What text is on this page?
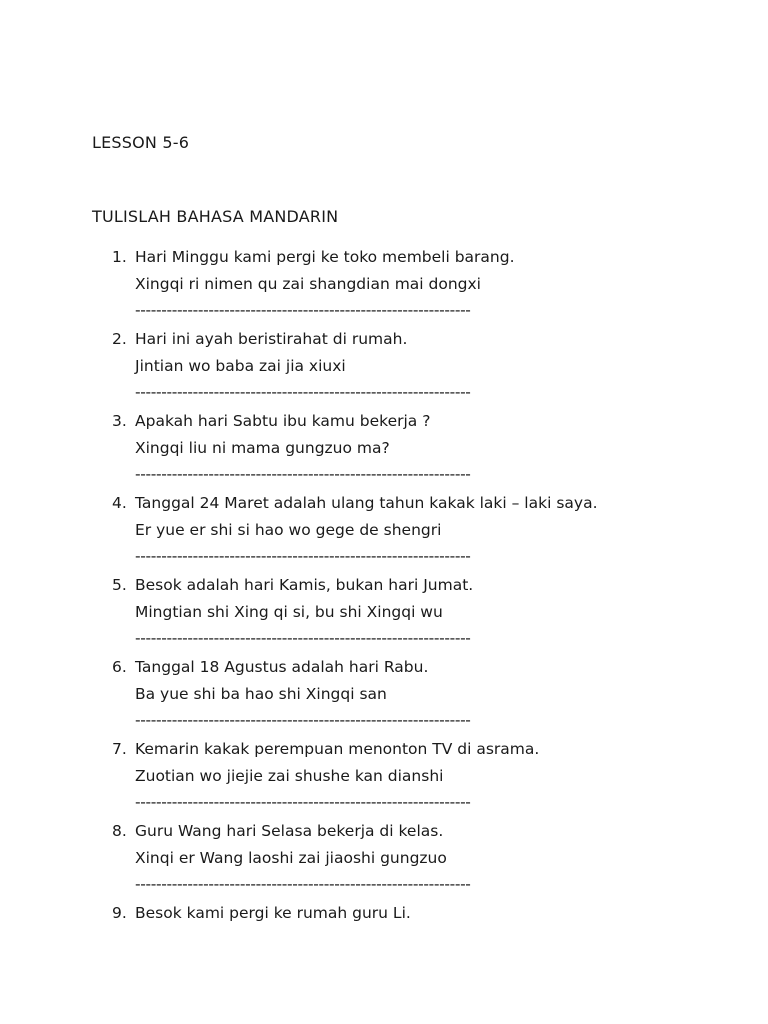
LESSON 5-6
TULISLAH BAHASA MANDARIN
1. Hari Minggu kami pergi ke toko membeli barang.
Xingqi ri nimen qu zai shangdian mai dongxi
----------------------------------------------------------------
2. Hari ini ayah beristirahat di rumah.
Jintian wo baba zai jia xiuxi
----------------------------------------------------------------
3. Apakah hari Sabtu ibu kamu bekerja ?
Xingqi liu ni mama gungzuo ma?
----------------------------------------------------------------
4. Tanggal 24 Maret adalah ulang tahun kakak laki – laki saya.
Er yue er shi si hao wo gege de shengri
----------------------------------------------------------------
5. Besok adalah hari Kamis, bukan hari Jumat.
Mingtian shi Xing qi si, bu shi Xingqi wu
----------------------------------------------------------------
6. Tanggal 18 Agustus adalah hari Rabu.
Ba yue shi ba hao shi Xingqi san
----------------------------------------------------------------
7. Kemarin kakak perempuan menonton TV di asrama.
Zuotian wo jiejie zai shushe kan dianshi
----------------------------------------------------------------
8. Guru Wang hari Selasa bekerja di kelas.
Xinqi er Wang laoshi zai jiaoshi gungzuo
----------------------------------------------------------------
9. Besok kami pergi ke rumah guru Li.
